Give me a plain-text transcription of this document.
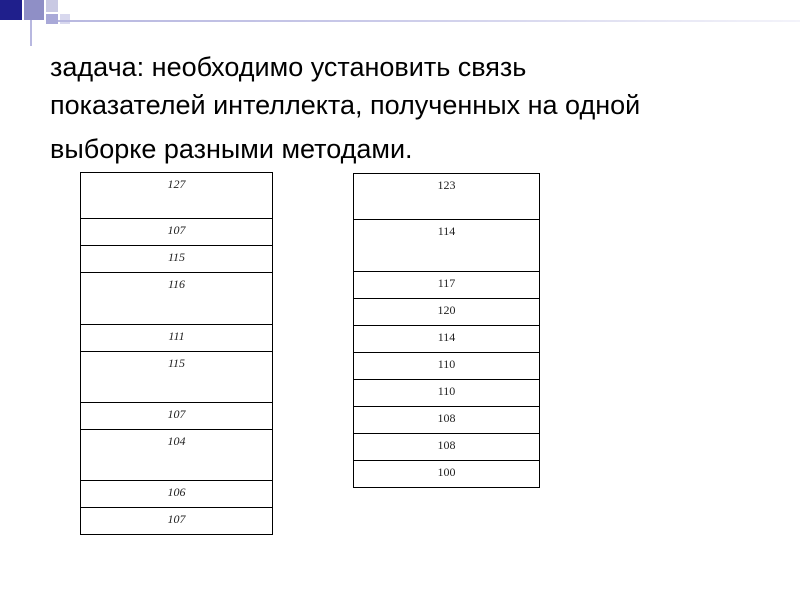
задача: необходимо установить связь
показателей интеллекта, полученных на одной
выборке разными методами.
127

107

115

116

111

115

107

104

106

107
123

114

117

120

114

110

110

108

108

100
